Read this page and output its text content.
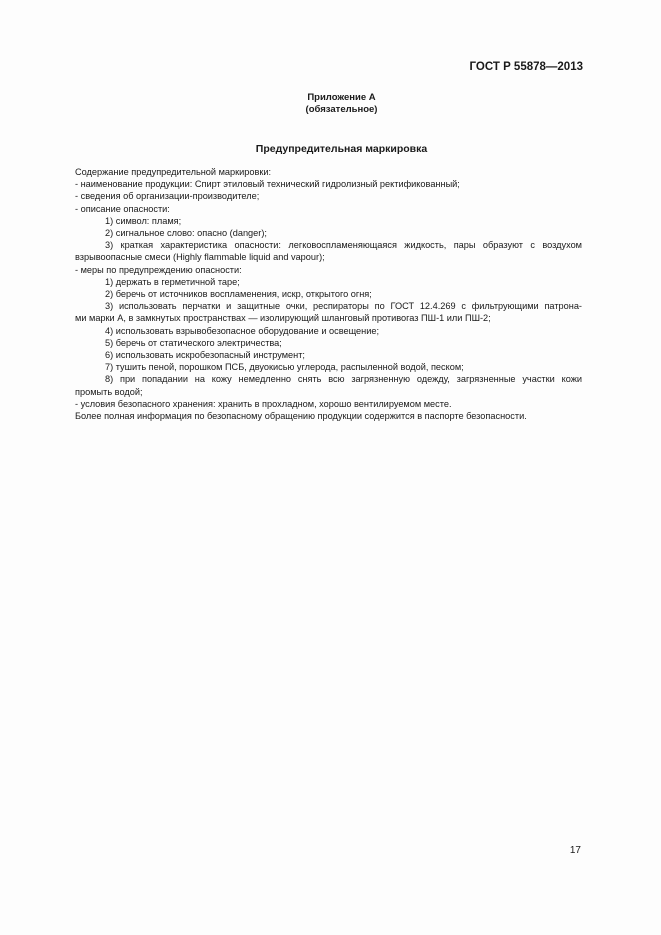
ГОСТ Р 55878—2013
Приложение А
(обязательное)
Предупредительная маркировка
Содержание предупредительной маркировки:
- наименование продукции: Спирт этиловый технический гидролизный ректификованный;
- сведения об организации-производителе;
- описание опасности:
1) символ: пламя;
2) сигнальное слово: опасно (danger);
3) краткая характеристика опасности: легковоспламеняющаяся жидкость, пары образуют с воздухом
взрывоопасные смеси (Highly flammable liquid and vapour);
- меры по предупреждению опасности:
1) держать в герметичной таре;
2) беречь от источников воспламенения, искр, открытого огня;
3) использовать перчатки и защитные очки, респираторы по ГОСТ 12.4.269 с фильтрующими патрона-
ми марки А, в замкнутых пространствах — изолирующий шланговый противогаз ПШ-1 или ПШ-2;
4) использовать взрывобезопасное оборудование и освещение;
5) беречь от статического электричества;
6) использовать искробезопасный инструмент;
7) тушить пеной, порошком ПСБ, двуокисью углерода, распыленной водой, песком;
8) при попадании на кожу немедленно снять всю загрязненную одежду, загрязненные участки кожи
промыть водой;
- условия безопасного хранения: хранить в прохладном, хорошо вентилируемом месте.
Более полная информация по безопасному обращению продукции содержится в паспорте безопасности.
17
